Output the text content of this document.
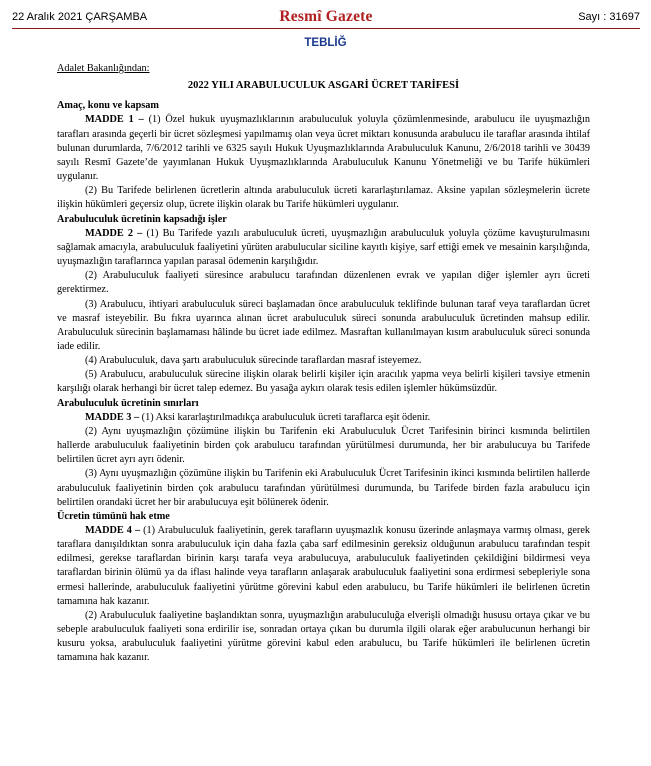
22 Aralık 2021 ÇARŞAMBA	Resmî Gazete	Sayı : 31697
TEBLİĞ
Adalet Bakanlığından:
2022 YILI ARABULUCULUK ASGARİ ÜCRET TARİFESİ
Amaç, konu ve kapsam
MADDE 1 – (1) Özel hukuk uyuşmazlıklarının arabuluculuk yoluyla çözümlenmesinde, arabulucu ile uyuşmazlığın tarafları arasında geçerli bir ücret sözleşmesi yapılmamış olan veya ücret miktarı konusunda arabulucu ile taraflar arasında ihtilaf bulunan durumlarda, 7/6/2012 tarihli ve 6325 sayılı Hukuk Uyuşmazlıklarında Arabuluculuk Kanunu, 2/6/2018 tarihli ve 30439 sayılı Resmî Gazete’de yayımlanan Hukuk Uyuşmazlıklarında Arabuluculuk Kanunu Yönetmeliği ve bu Tarife hükümleri uygulanır.
(2) Bu Tarifede belirlenen ücretlerin altında arabuluculuk ücreti kararlaştırılamaz. Aksine yapılan sözleşmelerin ücrete ilişkin hükümleri geçersiz olup, ücrete ilişkin olarak bu Tarife hükümleri uygulanır.
Arabuluculuk ücretinin kapsadığı işler
MADDE 2 – (1) Bu Tarifede yazılı arabuluculuk ücreti, uyuşmazlığın arabuluculuk yoluyla çözüme kavuşturulmasını sağlamak amacıyla, arabuluculuk faaliyetini yürüten arabulucular siciline kayıtlı kişiye, sarf ettiği emek ve mesainin karşılığında, uyuşmazlığın taraflarınca yapılan parasal ödemenin karşılığıdır.
(2) Arabuluculuk faaliyeti süresince arabulucu tarafından düzenlenen evrak ve yapılan diğer işlemler ayrı ücreti gerektirmez.
(3) Arabulucu, ihtiyari arabuluculuk süreci başlamadan önce arabuluculuk teklifinde bulunan taraf veya taraflardan ücret ve masraf isteyebilir. Bu fıkra uyarınca alınan ücret arabuluculuk süreci sonunda arabuluculuk ücretinden mahsup edilir. Arabuluculuk sürecinin başlamaması hâlinde bu ücret iade edilmez. Masraftan kullanılmayan kısım arabuluculuk süreci sonunda iade edilir.
(4) Arabuluculuk, dava şartı arabuluculuk sürecinde taraflardan masraf isteyemez.
(5) Arabulucu, arabuluculuk sürecine ilişkin olarak belirli kişiler için aracılık yapma veya belirli kişileri tavsiye etmenin karşılığı olarak herhangi bir ücret talep edemez. Bu yasağa aykırı olarak tesis edilen işlemler hükümsüzdür.
Arabuluculuk ücretinin sınırları
MADDE 3 – (1) Aksi kararlaştırılmadıkça arabuluculuk ücreti taraflarca eşit ödenir.
(2) Aynı uyuşmazlığın çözümüne ilişkin bu Tarifenin eki Arabuluculuk Ücret Tarifesinin birinci kısmında belirtilen hallerde arabuluculuk faaliyetinin birden çok arabulucu tarafından yürütülmesi durumunda, her bir arabulucuya bu Tarifede belirtilen ücret ayrı ayrı ödenir.
(3) Aynı uyuşmazlığın çözümüne ilişkin bu Tarifenin eki Arabuluculuk Ücret Tarifesinin ikinci kısmında belirtilen hallerde arabuluculuk faaliyetinin birden çok arabulucu tarafından yürütülmesi durumunda, bu Tarifede birden fazla arabulucu için belirtilen orandaki ücret her bir arabulucuya eşit bölünerek ödenir.
Ücretin tümünü hak etme
MADDE 4 – (1) Arabuluculuk faaliyetinin, gerek tarafların uyuşmazlık konusu üzerinde anlaşmaya varmış olması, gerek taraflara danışıldıktan sonra arabuluculuk için daha fazla çaba sarf edilmesinin gereksiz olduğunun arabulucu tarafından tespit edilmesi, gerekse taraflardan birinin karşı tarafa veya arabulucuya, arabuluculuk faaliyetinden çekildiğini bildirmesi veya taraflardan birinin ölümü ya da iflası halinde veya tarafların anlaşarak arabuluculuk faaliyetini sona erdirmesi sebepleriyle sona ermesi hallerinde, arabuluculuk faaliyetini yürütme görevini kabul eden arabulucu, bu Tarife hükümleri ile belirlenen ücretin tamamına hak kazanır.
(2) Arabuluculuk faaliyetine başlandıktan sonra, uyuşmazlığın arabuluculuğa elverişli olmadığı hususu ortaya çıkar ve bu sebeple arabuluculuk faaliyeti sona erdirilir ise, sonradan ortaya çıkan bu durumla ilgili olarak eğer arabulucunun herhangi bir kusuru yoksa, arabuluculuk faaliyetini yürütme görevini kabul eden arabulucu, bu Tarife hükümleri ile belirlenen ücretin tamamına hak kazanır.
